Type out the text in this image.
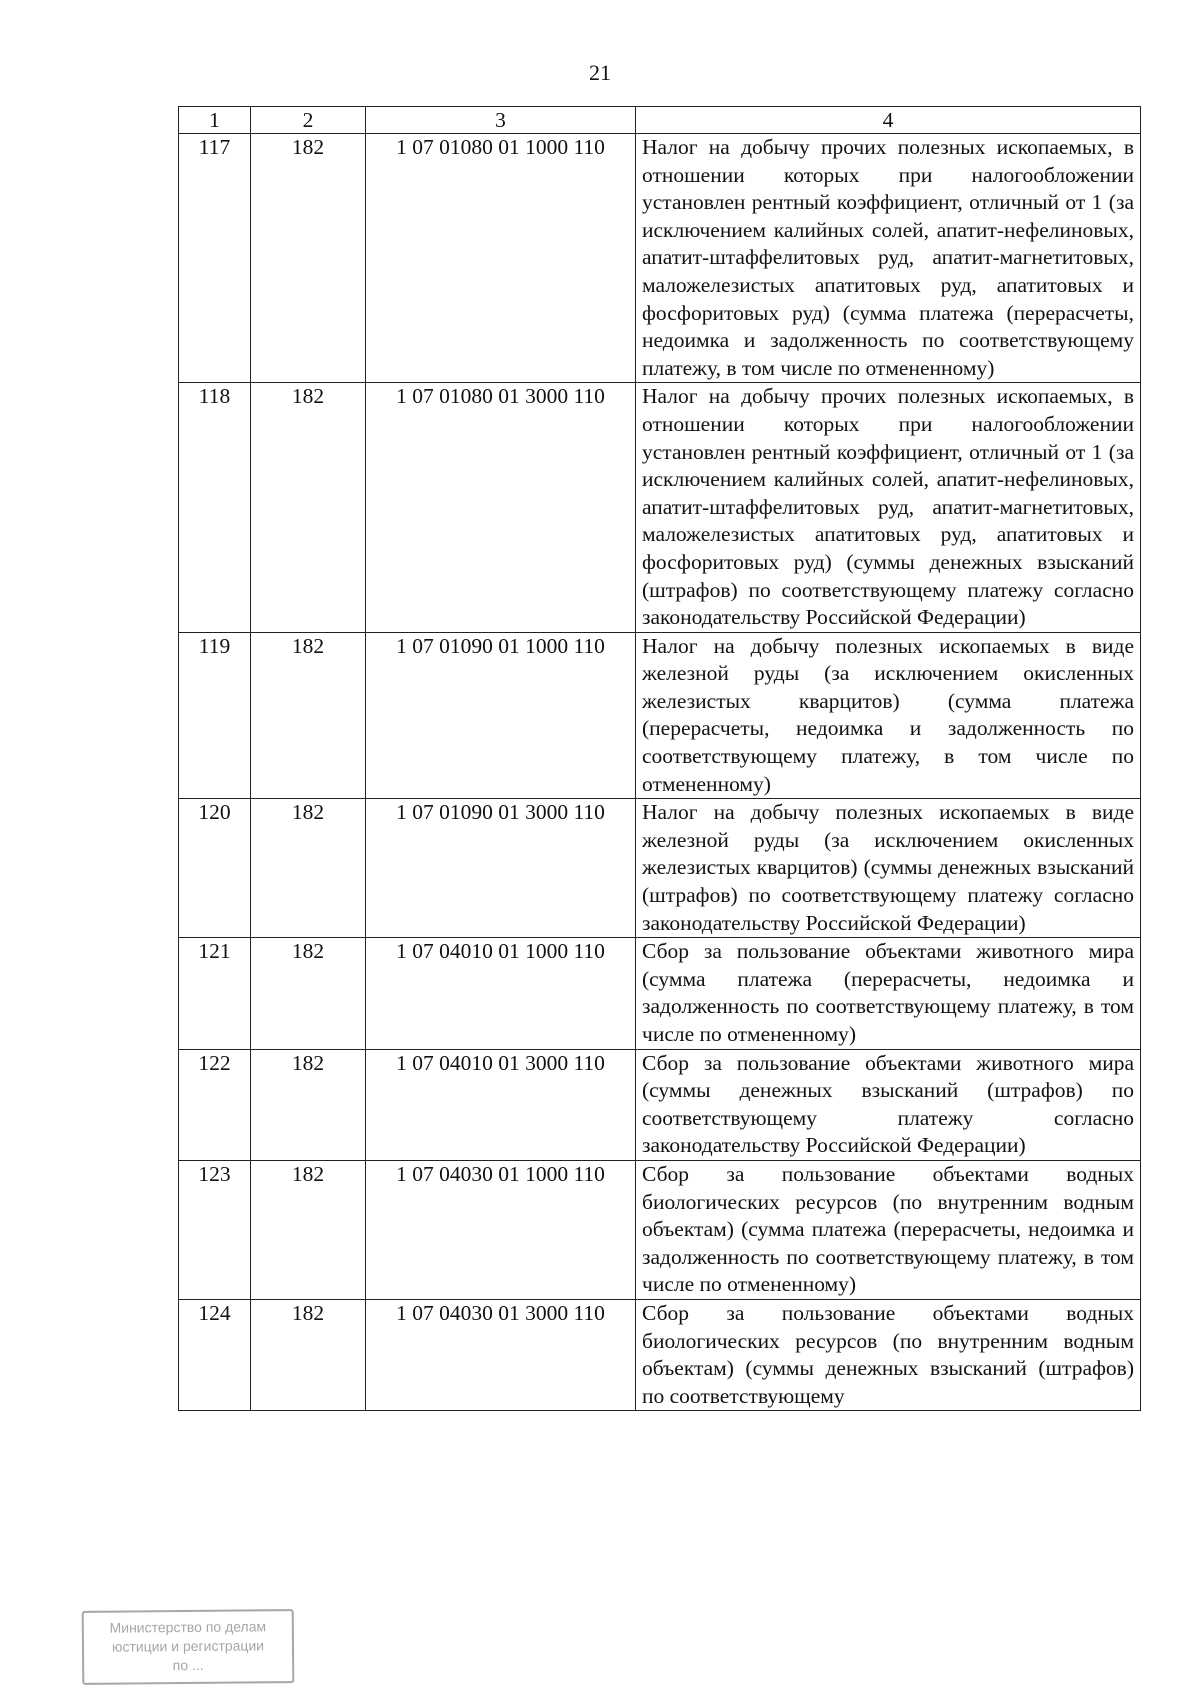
21
1	2	3	4
117	182	1 07 01080 01 1000 110	Налог на добычу прочих полезных ископаемых, в отношении которых при налогообложении установлен рентный коэффициент, отличный от 1 (за исключением калийных солей, апатит-нефелиновых, апатит-штаффелитовых руд, апатит-магнетитовых, маложелезистых апатитовых руд, апатитовых и фосфоритовых руд) (сумма платежа (перерасчеты, недоимка и задолженность по соответствующему платежу, в том числе по отмененному)
118	182	1 07 01080 01 3000 110	Налог на добычу прочих полезных ископаемых, в отношении которых при налогообложении установлен рентный коэффициент, отличный от 1 (за исключением калийных солей, апатит-нефелиновых, апатит-штаффелитовых руд, апатит-магнетитовых, маложелезистых апатитовых руд, апатитовых и фосфоритовых руд) (суммы денежных взысканий (штрафов) по соответствующему платежу согласно законодательству Российской Федерации)
119	182	1 07 01090 01 1000 110	Налог на добычу полезных ископаемых в виде железной руды (за исключением окисленных железистых кварцитов) (сумма платежа (перерасчеты, недоимка и задолженность по соответствующему платежу, в том числе по отмененному)
120	182	1 07 01090 01 3000 110	Налог на добычу полезных ископаемых в виде железной руды (за исключением окисленных железистых кварцитов) (суммы денежных взысканий (штрафов) по соответствующему платежу согласно законодательству Российской Федерации)
121	182	1 07 04010 01 1000 110	Сбор за пользование объектами животного мира (сумма платежа (перерасчеты, недоимка и задолженность по соответствующему платежу, в том числе по отмененному)
122	182	1 07 04010 01 3000 110	Сбор за пользование объектами животного мира (суммы денежных взысканий (штрафов) по соответствующему платежу согласно законодательству Российской Федерации)
123	182	1 07 04030 01 1000 110	Сбор за пользование объектами водных биологических ресурсов (по внутренним водным объектам) (сумма платежа (перерасчеты, недоимка и задолженность по соответствующему платежу, в том числе по отмененному)
124	182	1 07 04030 01 3000 110	Сбор за пользование объектами водных биологических ресурсов (по внутренним водным объектам) (суммы денежных взысканий (штрафов) по соответствующему
Министерство по делам
юстиции и регистрации
по ...
